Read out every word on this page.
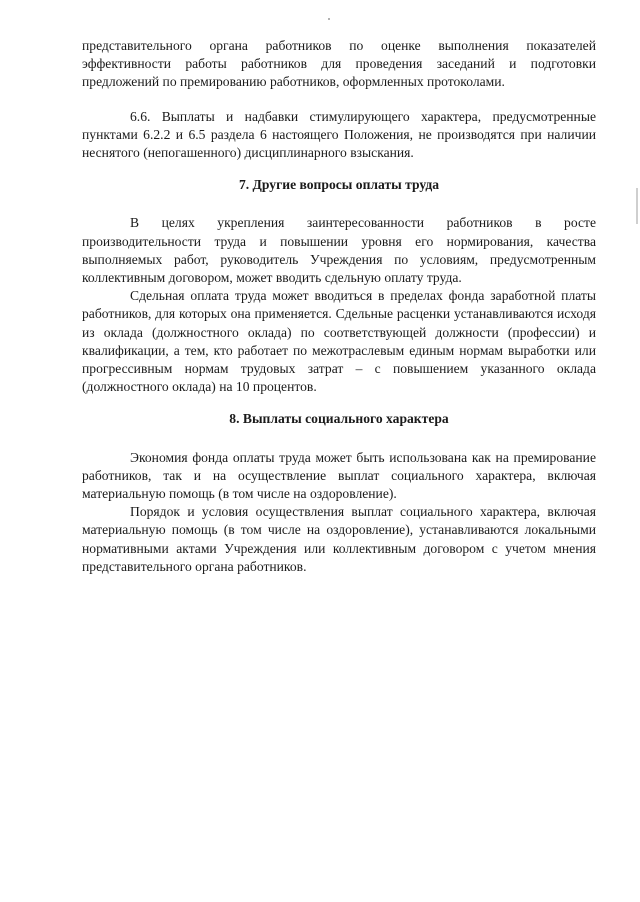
представительного органа работников по оценке выполнения показателей эффективности работы работников для проведения заседаний и подготовки предложений по премированию работников, оформленных протоколами.

6.6. Выплаты и надбавки стимулирующего характера, предусмотренные пунктами 6.2.2 и 6.5 раздела 6 настоящего Положения, не производятся при наличии неснятого (непогашенного) дисциплинарного взыскания.

7. Другие вопросы оплаты труда

В целях укрепления заинтересованности работников в росте производительности труда и повышении уровня его нормирования, качества выполняемых работ, руководитель Учреждения по условиям, предусмотренным коллективным договором, может вводить сдельную оплату труда.

Сдельная оплата труда может вводиться в пределах фонда заработной платы работников, для которых она применяется. Сдельные расценки устанавливаются исходя из оклада (должностного оклада) по соответствующей должности (профессии) и квалификации, а тем, кто работает по межотраслевым единым нормам выработки или прогрессивным нормам трудовых затрат – с повышением указанного оклада (должностного оклада) на 10 процентов.

8. Выплаты социального характера

Экономия фонда оплаты труда может быть использована как на премирование работников, так и на осуществление выплат социального характера, включая материальную помощь (в том числе на оздоровление).

Порядок и условия осуществления выплат социального характера, включая материальную помощь (в том числе на оздоровление), устанавливаются локальными нормативными актами Учреждения или коллективным договором с учетом мнения представительного органа работников.
